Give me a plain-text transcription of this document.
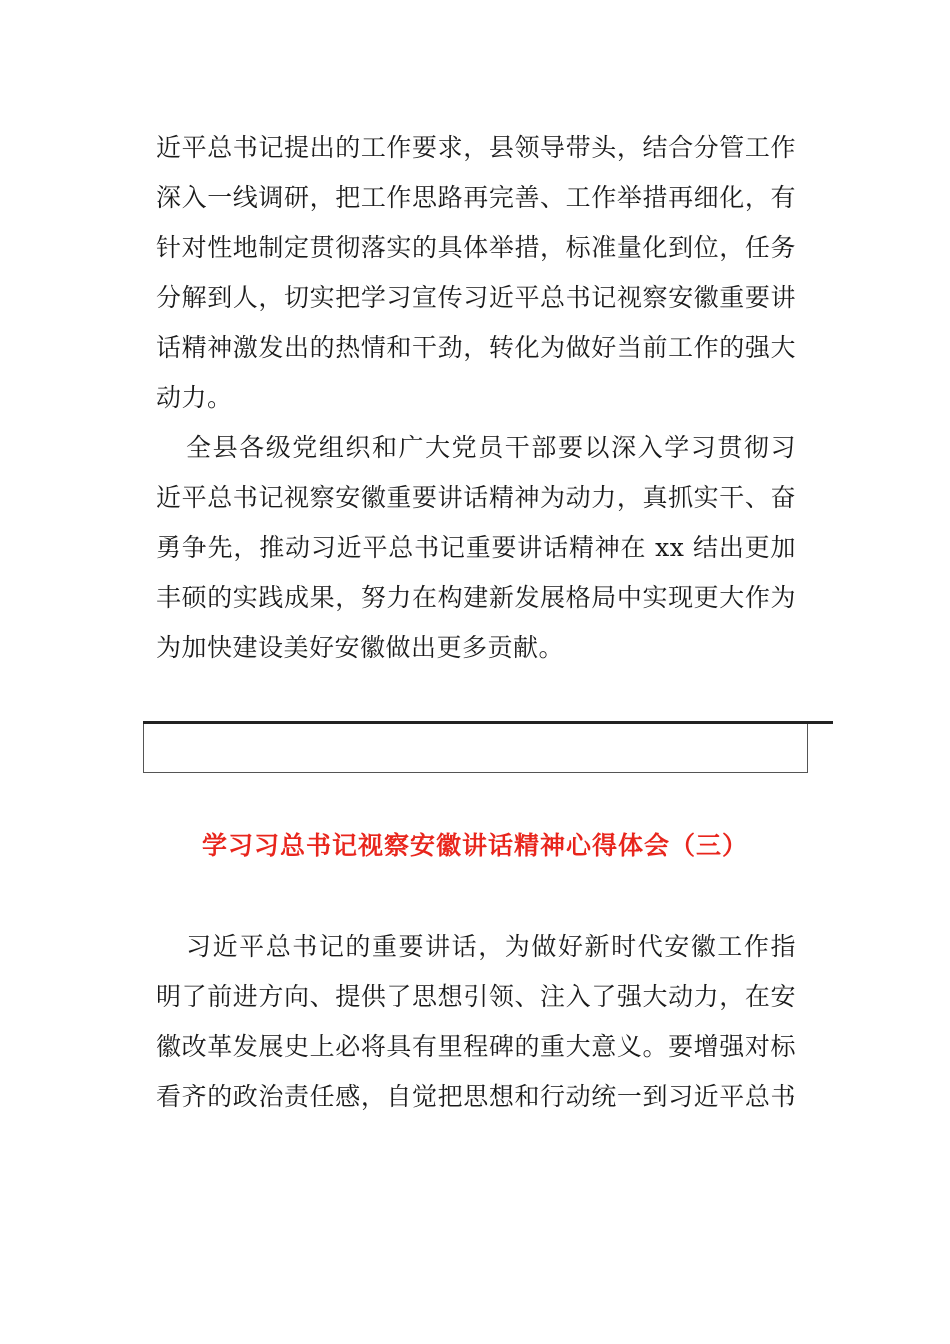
近平总书记提出的工作要求，县领导带头，结合分管工作
深入一线调研，把工作思路再完善、工作举措再细化，有
针对性地制定贯彻落实的具体举措，标准量化到位，任务
分解到人，切实把学习宣传习近平总书记视察安徽重要讲
话精神激发出的热情和干劲，转化为做好当前工作的强大
动力。
全县各级党组织和广大党员干部要以深入学习贯彻习
近平总书记视察安徽重要讲话精神为动力，真抓实干、奋
勇争先，推动习近平总书记重要讲话精神在 xx 结出更加
丰硕的实践成果，努力在构建新发展格局中实现更大作为
为加快建设美好安徽做出更多贡献。
学习习总书记视察安徽讲话精神心得体会（三）
习近平总书记的重要讲话，为做好新时代安徽工作指
明了前进方向、提供了思想引领、注入了强大动力，在安
徽改革发展史上必将具有里程碑的重大意义。要增强对标
看齐的政治责任感，自觉把思想和行动统一到习近平总书
